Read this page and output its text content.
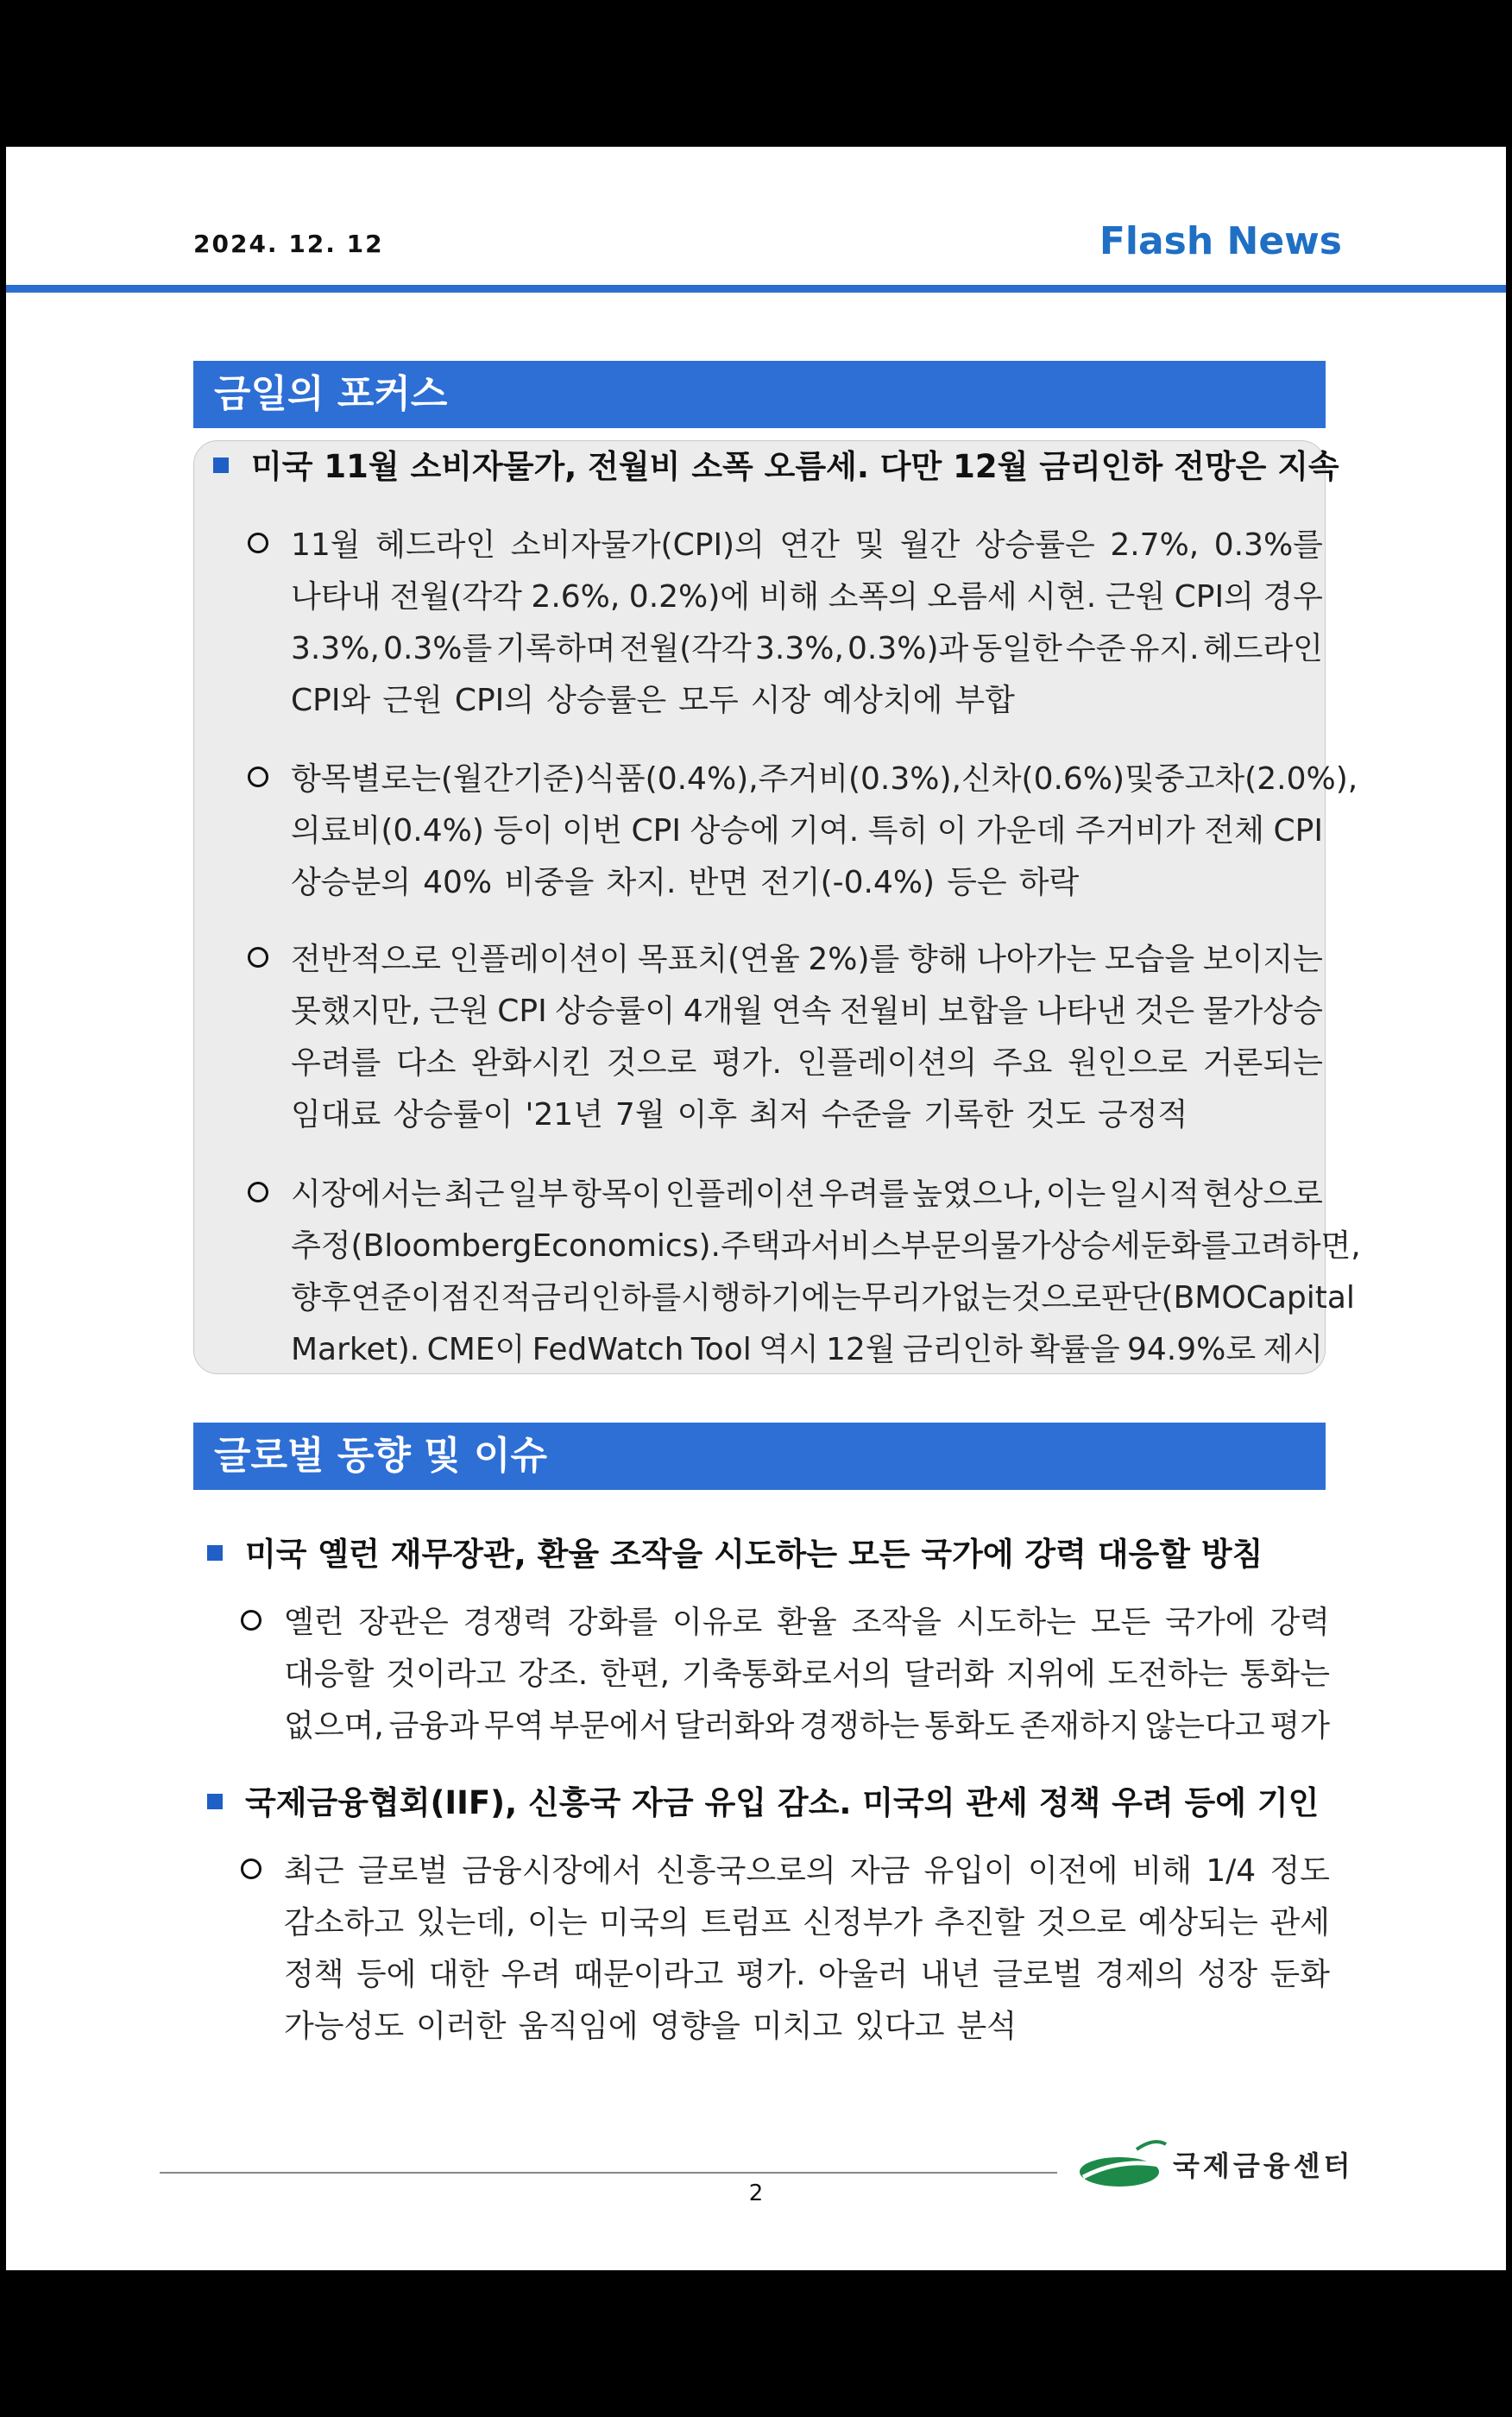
2024. 12. 12	Flash News
금일의 포커스
미국 11월 소비자물가, 전월비 소폭 오름세. 다만 12월 금리인하 전망은 지속
11월 헤드라인 소비자물가(CPI)의 연간 및 월간 상승률은 2.7%, 0.3%를
나타내 전월(각각 2.6%, 0.2%)에 비해 소폭의 오름세 시현. 근원 CPI의 경우
3.3%, 0.3%를 기록하며 전월(각각 3.3%, 0.3%)과 동일한 수준 유지. 헤드라인
CPI와 근원 CPI의 상승률은 모두 시장 예상치에 부합
항목별로는(월간 기준) 식품(0.4%), 주거비(0.3%), 신차(0.6%) 및 중고차(2.0%),
의료비(0.4%) 등이 이번 CPI 상승에 기여. 특히 이 가운데 주거비가 전체 CPI
상승분의 40% 비중을 차지. 반면 전기(-0.4%) 등은 하락
전반적으로 인플레이션이 목표치(연율 2%)를 향해 나아가는 모습을 보이지는
못했지만, 근원 CPI 상승률이 4개월 연속 전월비 보합을 나타낸 것은 물가상승
우려를 다소 완화시킨 것으로 평가. 인플레이션의 주요 원인으로 거론되는
임대료 상승률이 '21년 7월 이후 최저 수준을 기록한 것도 긍정적
시장에서는 최근 일부 항목이 인플레이션 우려를 높였으나, 이는 일시적 현상으로
추정(Bloomberg Economics). 주택과 서비스 부문의 물가 상승세 둔화를 고려하면,
향후 연준이 점진적 금리인하를 시행하기에는 무리가 없는 것으로 판단(BMO Capital
Market). CME이 FedWatch Tool 역시 12월 금리인하 확률을 94.9%로 제시
글로벌 동향 및 이슈
미국 옐런 재무장관, 환율 조작을 시도하는 모든 국가에 강력 대응할 방침
옐런 장관은 경쟁력 강화를 이유로 환율 조작을 시도하는 모든 국가에 강력
대응할 것이라고 강조. 한편, 기축통화로서의 달러화 지위에 도전하는 통화는
없으며, 금융과 무역 부문에서 달러화와 경쟁하는 통화도 존재하지 않는다고 평가
국제금융협회(IIF), 신흥국 자금 유입 감소. 미국의 관세 정책 우려 등에 기인
최근 글로벌 금융시장에서 신흥국으로의 자금 유입이 이전에 비해 1/4 정도
감소하고 있는데, 이는 미국의 트럼프 신정부가 추진할 것으로 예상되는 관세
정책 등에 대한 우려 때문이라고 평가. 아울러 내년 글로벌 경제의 성장 둔화
가능성도 이러한 움직임에 영향을 미치고 있다고 분석
국제금융센터
2
